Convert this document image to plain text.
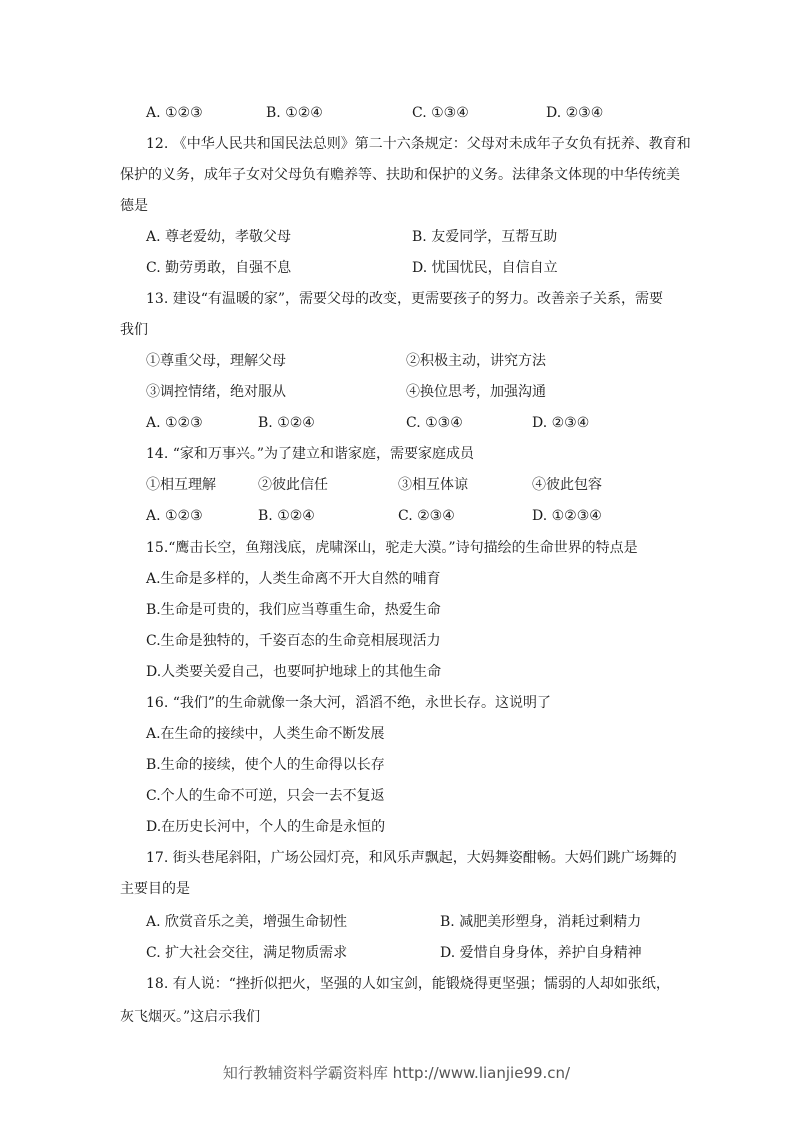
A. ①②③	B. ①②④	C. ①③④	D. ②③④
12. 《中华人民共和国民法总则》第二十六条规定：父母对未成年子女负有抚养、教育和
保护的义务，成年子女对父母负有赡养等、扶助和保护的义务。法律条文体现的中华传统美
德是
A. 尊老爱幼，孝敬父母	B. 友爱同学，互帮互助
C. 勤劳勇敢，自强不息	D. 忧国忧民，自信自立
13. 建设“有温暖的家”，需要父母的改变，更需要孩子的努力。改善亲子关系，需要
我们
①尊重父母，理解父母	②积极主动，讲究方法
③调控情绪，绝对服从	④换位思考，加强沟通
A. ①②③	B. ①②④	C. ①③④	D. ②③④
14. “家和万事兴。”为了建立和谐家庭，需要家庭成员
①相互理解	②彼此信任	③相互体谅	④彼此包容
A. ①②③	B. ①②④	C. ②③④	D. ①②③④
15.“鹰击长空，鱼翔浅底，虎啸深山，驼走大漠。”诗句描绘的生命世界的特点是
A.生命是多样的，人类生命离不开大自然的哺育
B.生命是可贵的，我们应当尊重生命，热爱生命
C.生命是独特的，千姿百态的生命竞相展现活力
D.人类要关爱自己，也要呵护地球上的其他生命
16. “我们”的生命就像一条大河，滔滔不绝，永世长存。这说明了
A.在生命的接续中，人类生命不断发展
B.生命的接续，使个人的生命得以长存
C.个人的生命不可逆，只会一去不复返
D.在历史长河中，个人的生命是永恒的
17. 街头巷尾斜阳，广场公园灯亮，和风乐声飘起，大妈舞姿酣畅。大妈们跳广场舞的
主要目的是
A. 欣赏音乐之美，增强生命韧性	B. 减肥美形塑身，消耗过剩精力
C. 扩大社会交往，满足物质需求	D. 爱惜自身身体，养护自身精神
18. 有人说：“挫折似把火，坚强的人如宝剑，能锻烧得更坚强；懦弱的人却如张纸，
灰飞烟灭。”这启示我们
知行教辅资料学霸资料库 http://www.lianjie99.cn/
